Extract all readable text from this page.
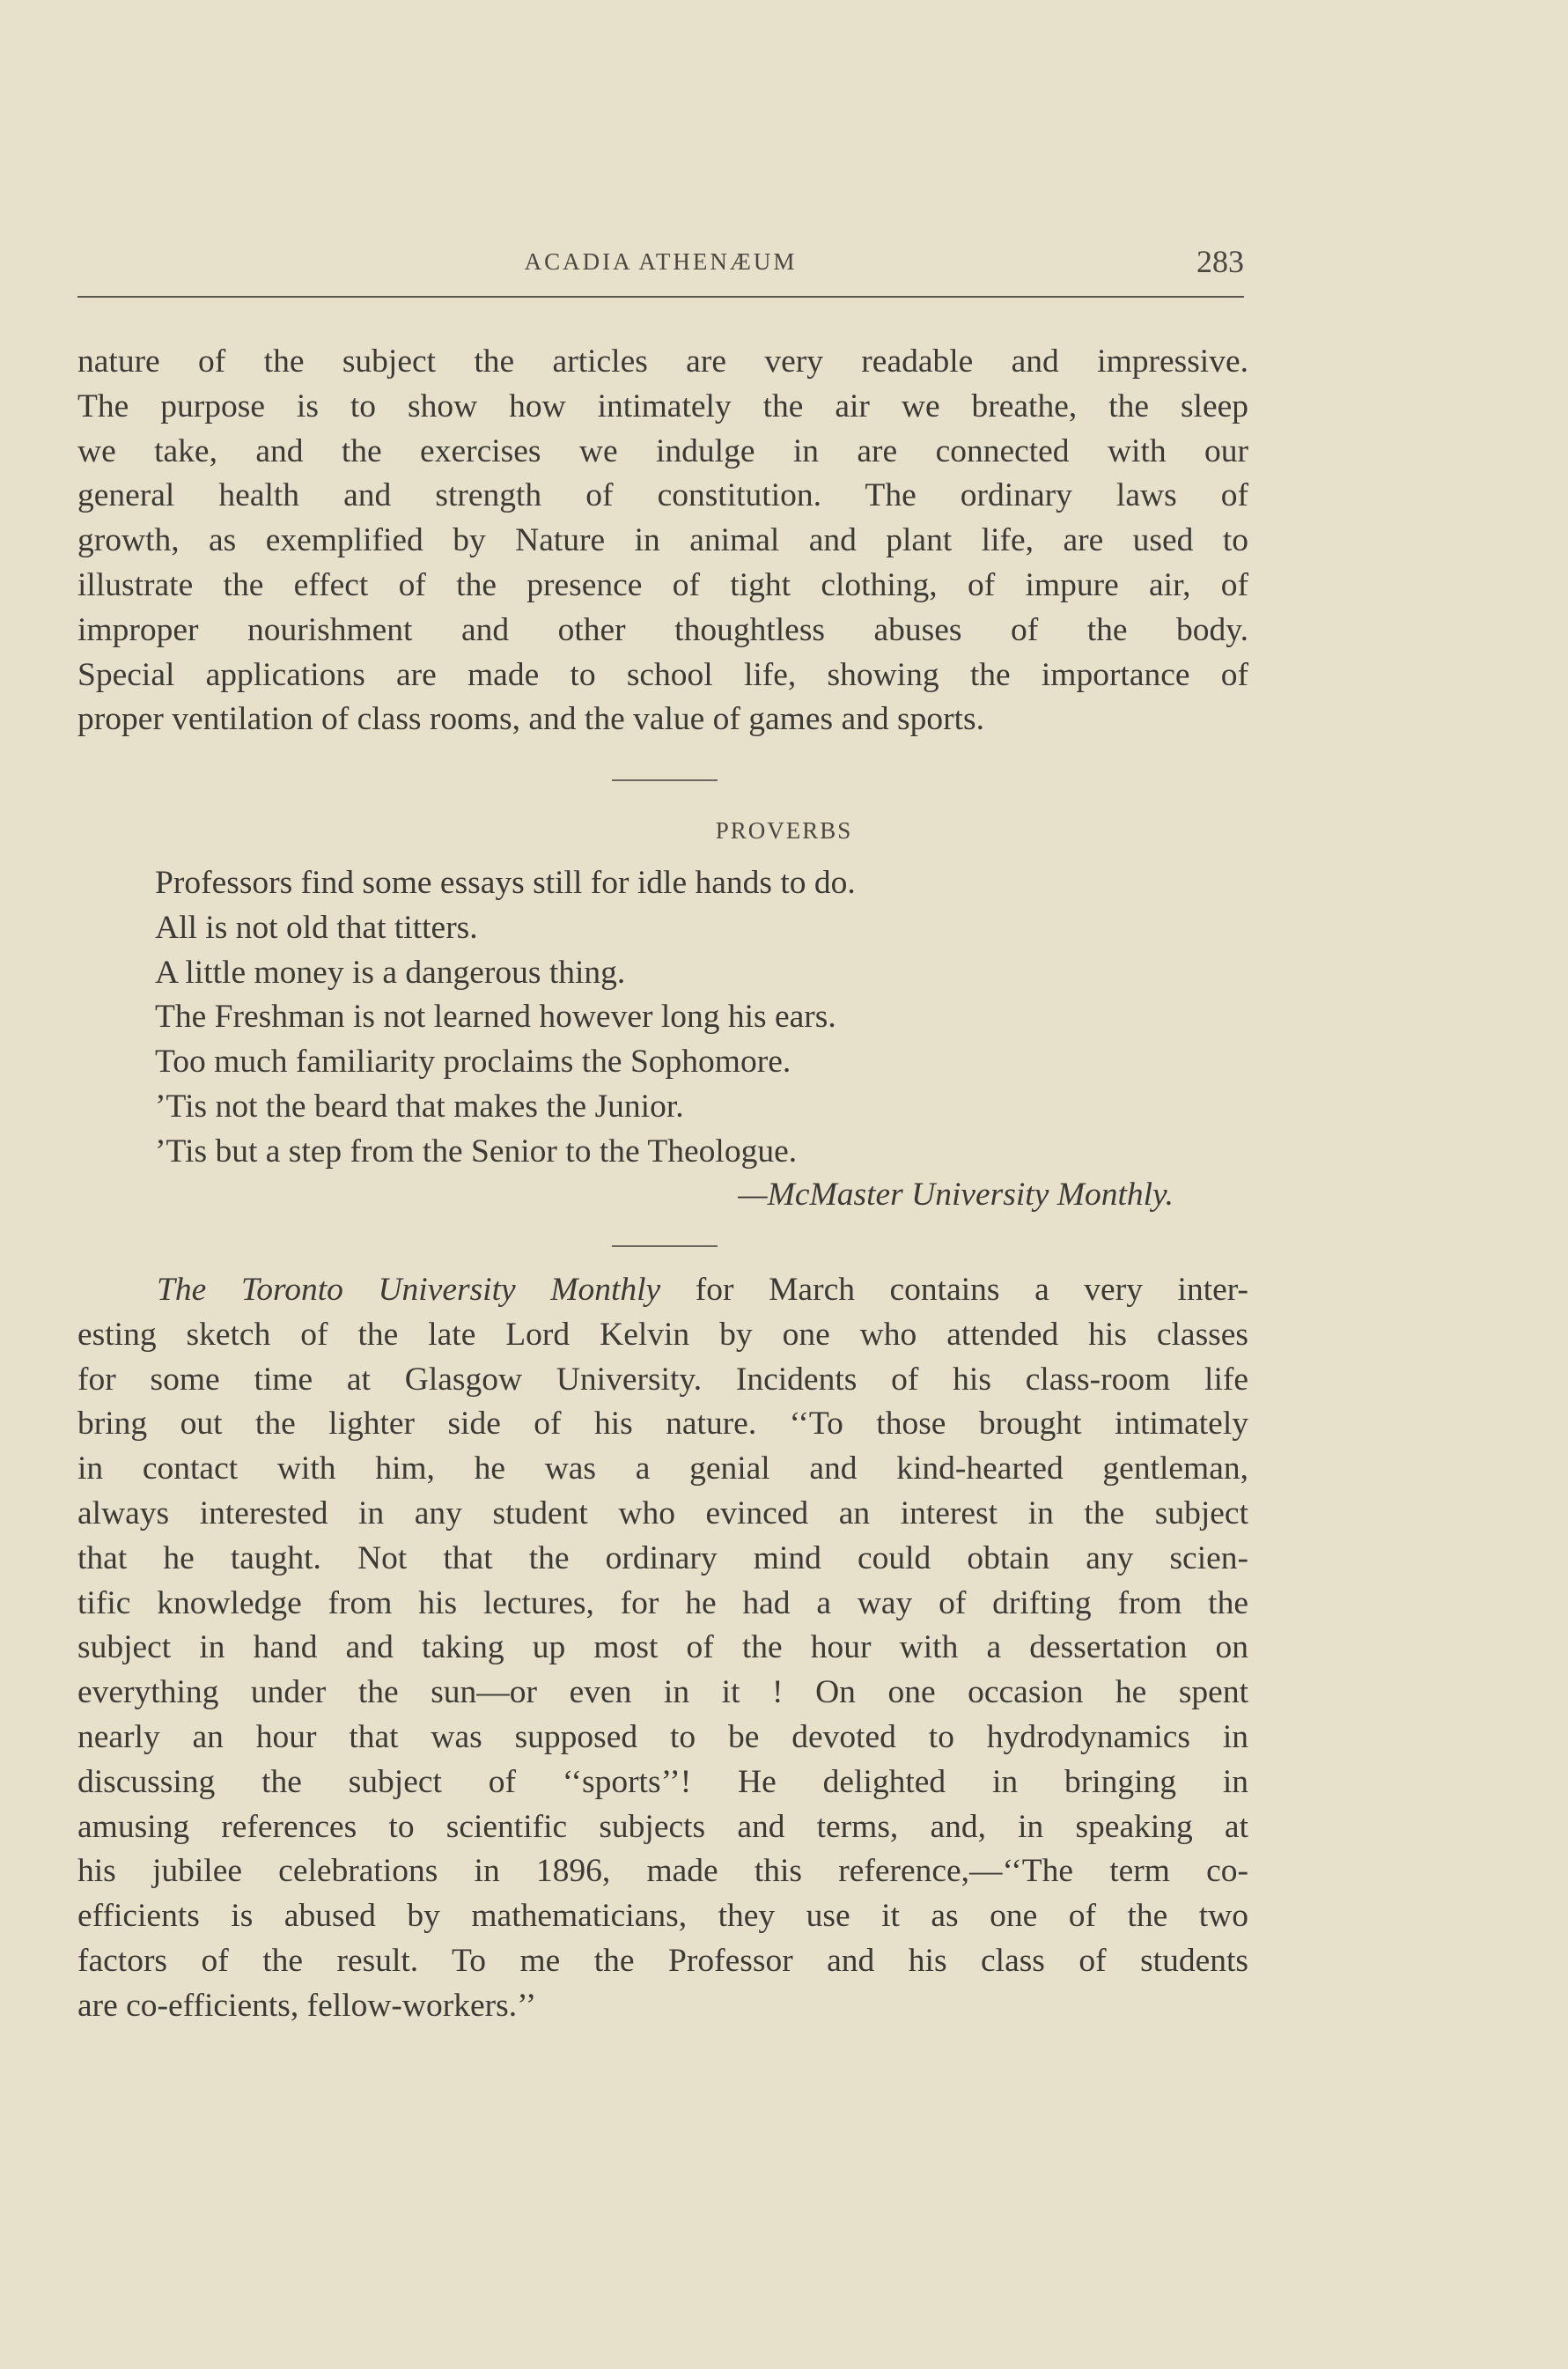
ACADIA ATHENÆUM	283
nature of the subject the articles are very readable and impressive.
The purpose is to show how intimately the air we breathe, the sleep
we take, and the exercises we indulge in are connected with our
general health and strength of constitution. The ordinary laws of
growth, as exemplified by Nature in animal and plant life, are used to
illustrate the effect of the presence of tight clothing, of impure air, of
improper nourishment and other thoughtless abuses of the body.
Special applications are made to school life, showing the importance of
proper ventilation of class rooms, and the value of games and sports.
PROVERBS
Professors find some essays still for idle hands to do.
All is not old that titters.
A little money is a dangerous thing.
The Freshman is not learned however long his ears.
Too much familiarity proclaims the Sophomore.
’Tis not the beard that makes the Junior.
’Tis but a step from the Senior to the Theologue.
—McMaster University Monthly.
The Toronto University Monthly for March contains a very inter-
esting sketch of the late Lord Kelvin by one who attended his classes
for some time at Glasgow University. Incidents of his class-room life
bring out the lighter side of his nature. ‘‘To those brought intimately
in contact with him, he was a genial and kind-hearted gentleman,
always interested in any student who evinced an interest in the subject
that he taught. Not that the ordinary mind could obtain any scien-
tific knowledge from his lectures, for he had a way of drifting from the
subject in hand and taking up most of the hour with a dessertation on
everything under the sun—or even in it ! On one occasion he spent
nearly an hour that was supposed to be devoted to hydrodynamics in
discussing the subject of ‘‘sports’’! He delighted in bringing in
amusing references to scientific subjects and terms, and, in speaking at
his jubilee celebrations in 1896, made this reference,—‘‘The term co-
efficients is abused by mathematicians, they use it as one of the two
factors of the result. To me the Professor and his class of students
are co-efficients, fellow-workers.’’
